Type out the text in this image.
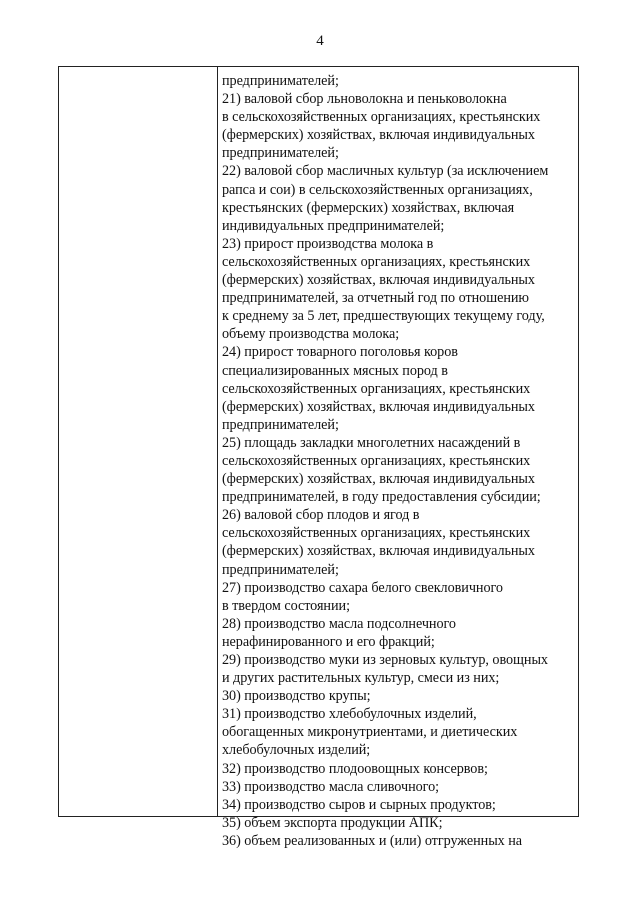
4
предпринимателей;
21) валовой сбор льноволокна и пеньковолокна
в сельскохозяйственных организациях, крестьянских
(фермерских) хозяйствах, включая индивидуальных
предпринимателей;
22) валовой сбор масличных культур (за исключением
рапса и сои) в сельскохозяйственных организациях,
крестьянских (фермерских) хозяйствах, включая
индивидуальных предпринимателей;
23) прирост производства молока в
сельскохозяйственных организациях, крестьянских
(фермерских) хозяйствах, включая индивидуальных
предпринимателей, за отчетный год по отношению
к среднему за 5 лет, предшествующих текущему году,
объему производства молока;
24) прирост товарного поголовья коров
специализированных мясных пород в
сельскохозяйственных организациях, крестьянских
(фермерских) хозяйствах, включая индивидуальных
предпринимателей;
25) площадь закладки многолетних насаждений в
сельскохозяйственных организациях, крестьянских
(фермерских) хозяйствах, включая индивидуальных
предпринимателей, в году предоставления субсидии;
26) валовой сбор плодов и ягод в
сельскохозяйственных организациях, крестьянских
(фермерских) хозяйствах, включая индивидуальных
предпринимателей;
27) производство сахара белого свекловичного
в твердом состоянии;
28) производство масла подсолнечного
нерафинированного и его фракций;
29) производство муки из зерновых культур, овощных
и других растительных культур, смеси из них;
30) производство крупы;
31) производство хлебобулочных изделий,
обогащенных микронутриентами, и диетических
хлебобулочных изделий;
32) производство плодоовощных консервов;
33) производство масла сливочного;
34) производство сыров и сырных продуктов;
35) объем экспорта продукции АПК;
36) объем реализованных и (или) отгруженных на
